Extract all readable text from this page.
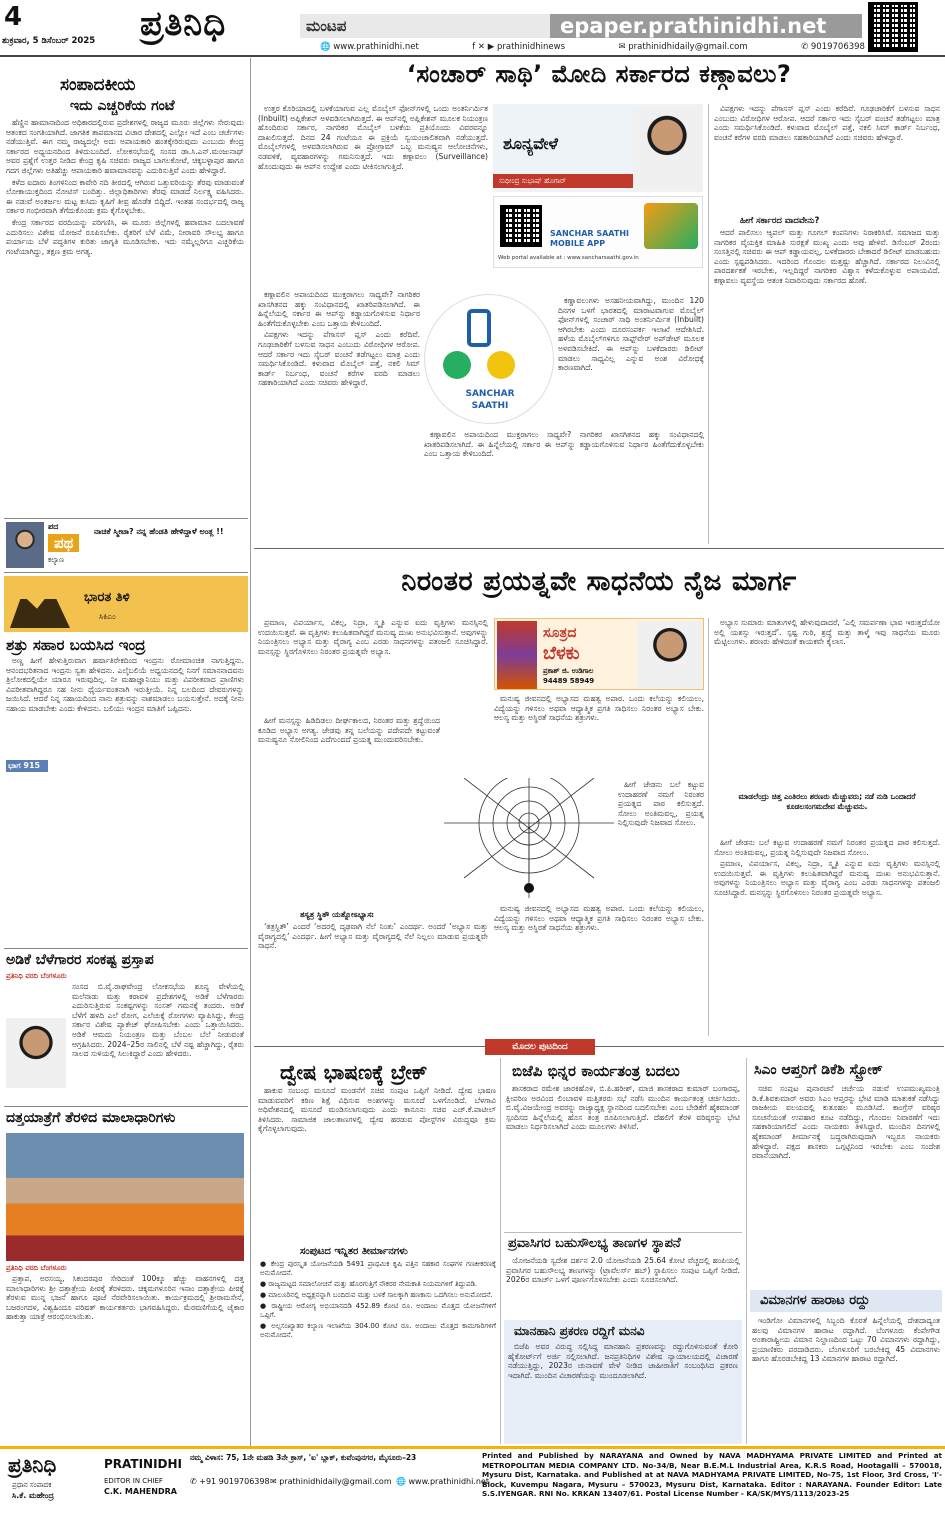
4	ಪ್ರತಿನಿಧಿ
ಶುಕ್ರವಾರ, 5 ಡಿಸೆಂಬರ್ 2025
ಮಂಟಪ	epaper.prathinidhi.net
🌐 www.prathinidhi.net	f ✕ ▶ prathinidhinews	✉ prathinidhidaily@gmail.com	✆ 9019706398
ಸಂಪಾದಕೀಯ
ಇದು ಎಚ್ಚರಿಕೆಯ ಗಂಟೆ

ಹೆಣ್ಣಿನ ಹಾಮಾನಾದಿಂದ ಅಧಿಕಾರದಲ್ಲಿರುವ ಪ್ರದೇಶಗಳಲ್ಲಿ ರಾಜ್ಯದ ಮೂರು ಜಿಲ್ಲೆಗಳು ಸೇರುವುದು ಆತಂಕದ ಸಂಗತಿಯಾಗಿದೆ. ಜಾಗತಿಕ ತಾಪಮಾನದ ವಿಚಾರ ದೇಶದಲ್ಲಿ ಎಲ್ಲೋ ಇದೆ ಎಂಬ ಚರ್ಚೆಗಳು ನಡೆಯುತ್ತಿವೆ. ಈಗ ನಮ್ಮ ರಾಜ್ಯದಲ್ಲೇ ಅದು ಅಪಾಯಕಾರಿ ಹಂತಕ್ಕೇರಿರುವುದು ಎಂಬುದು ಕೇಂದ್ರ ಸರ್ಕಾರದ ಅಧ್ಯಯನದಿಂದ ತಿಳಿದುಬಂದಿದೆ. ಲೋಕಸಭೆಯಲ್ಲಿ ಸಂಸದ ಡಾ.ಸಿ.ಎನ್.ಮಂಜುನಾಥ್ ಅವರ ಪ್ರಶ್ನೆಗೆ ಉತ್ತರ ನೀಡಿದ ಕೇಂದ್ರ ಕೃಷಿ ಸಚಿವರು ರಾಜ್ಯದ ಬಾಗಲಕೋಟೆ, ಚಿಕ್ಕಬಳ್ಳಾಪುರ ಹಾಗೂ ಗದಗ ಜಿಲ್ಲೆಗಳು ಅತಿಹೆಚ್ಚು ಆಪಾಯಕಾರಿ ಹವಾಮಾನವನ್ನು ಎದುರಿಸುತ್ತಿವೆ ಎಂದು ಹೇಳಿದ್ದಾರೆ.

ಕಳೆದ ಐದಾರು ತಿಂಗಳಿನಿಂದ ಕಾವೇರಿ ನದಿ ತೀರದಲ್ಲಿ ಆಗಿರುವ ಒತ್ತುವರಿಯನ್ನು ತೆರವು ಮಾಡುವಂತೆ ಲೋಕಾಯುಕ್ತದಿಂದ ನೋಟಿಸ್ ಬಂದಿತ್ತು. ಜಿಲ್ಲಾಧಿಕಾರಿಗಳು ತೆರವು ಮಾಡದೆ ನಿರ್ಲಕ್ಷ್ಯ ವಹಿಸಿದರು. ಈ ನಡುವೆ ಅಂತರ್ಜಲ ಮಟ್ಟ ಕುಸಿದು ಕೃಷಿಗೆ ತೀವ್ರ ಹೊಡೆತ ಬಿದ್ದಿದೆ. ಇಂತಹ ಸಂದರ್ಭದಲ್ಲಿ ರಾಜ್ಯ ಸರ್ಕಾರ ಗಂಭೀರವಾಗಿ ತೆಗೆದುಕೊಂಡು ಕ್ರಮ ಕೈಗೊಳ್ಳಬೇಕು.

ಕೇಂದ್ರ ಸರ್ಕಾರದ ವರದಿಯನ್ನು ಪರಿಗಣಿಸಿ, ಈ ಮೂರು ಜಿಲ್ಲೆಗಳಲ್ಲಿ ಹವಾಮಾನ ಬದಲಾವಣೆ ಎದುರಿಸಲು ವಿಶೇಷ ಯೋಜನೆ ರೂಪಿಸಬೇಕು. ರೈತರಿಗೆ ಬೆಳೆ ವಿಮೆ, ನೀರಾವರಿ ಸೌಲಭ್ಯ ಹಾಗೂ ಪರ್ಯಾಯ ಬೆಳೆ ಪದ್ಧತಿಗಳ ಕುರಿತು ಜಾಗೃತಿ ಮೂಡಿಸಬೇಕು. ಇದು ನಮ್ಮೆಲ್ಲರಿಗೂ ಎಚ್ಚರಿಕೆಯ ಗಂಟೆಯಾಗಿದ್ದು, ತಕ್ಷಣ ಕ್ರಮ ಅಗತ್ಯ.

ಪದ
ಪಥ
ಕಲ್ಯಾಣ
ನಾಚಿಕೆ ಸ್ಮೀಟಾ? ನನ್ನ ಹೆಂಡತಿ ಹೇಳಿದ್ದಾಳೆ ಅಂತ್ಲ !!
ಭಾರತ ತಿಳಿ
ಸಿಕಿಎಂ
ಶತ್ರು ಸಹಾರ ಬಯಸಿದ ಇಂದ್ರ
ಭಾಗ 915

ಅಣ್ಣ ಹೀಗೆ ಹೇಳುತ್ತಿರುವಾಗ ಹರ್ಷಾತಿರೇಕದಿಂದ ಇಂದ್ರನು ರೋಮಾಂಚಿತ ನಾಗುತ್ತಿದ್ದನು. ಆನಂದಭರಿತನಾದ ಇಂದ್ರನು ಸ್ವತಃ ಹೇಳಿದನು. ಎಲೈಬಲಿಯೆ ಅಧ್ಯಯನದಲ್ಲಿ ನಿನಗೆ ಸಮಾನನಾದವನು ತ್ರಿಲೋಕದಲ್ಲಿಯೇ ಯಾರೂ ಇರುವುದಿಲ್ಲ. ನೀ ಮಹಾಜ್ಞಾನಿಯು ಮತ್ತು ವಿಪರೀತವಾದ ಪ್ರಾಣಿಗಳು ವಿಪರೀತವಾಗಿದ್ದರೂ ಸಹ ನೀನು ಧೈರ್ಯವಂತನಾಗಿ ಇರುತ್ತೀಯೆ. ನಿನ್ನ ಬಲದಿಂದ ದೇವರುಗಳನ್ನು ಜಯಿಸಿದೆ. ಆದರೆ ನಿನ್ನ ಸಹಾಯದಿಂದ ನಾನು ಶತ್ರುವನ್ನು ನಾಶಮಾಡಲು ಬಯಸುತ್ತೇನೆ. ಅದಕ್ಕೆ ನೀನು ಸಹಾಯ ಮಾಡಬೇಕು ಎಂದು ಕೇಳಿದನು. ಬಲಿಯು ಇಂದ್ರನ ಮಾತಿಗೆ ಒಪ್ಪಿದನು.

ಅಡಿಕೆ ಬೆಳೆಗಾರರ ಸಂಕಷ್ಟ ಪ್ರಸ್ತಾಪ
ಪ್ರತಿನಿಧಿ ವರದಿ ಬೆಂಗಳೂರು

ಸಂಸದ ಬಿ.ವೈ.ರಾಘವೇಂದ್ರ ಲೋಕಸಭೆಯ ಶೂನ್ಯ ವೇಳೆಯಲ್ಲಿ ಮಲೆನಾಡು ಮತ್ತು ಕರಾವಳಿ ಪ್ರದೇಶಗಳಲ್ಲಿ ಅಡಿಕೆ ಬೆಳೆಗಾರರು ಎದುರಿಸುತ್ತಿರುವ ಸಂಕಷ್ಟಗಳನ್ನು ಸಂಸತ್ ಗಮನಕ್ಕೆ ತಂದರು. ಅಡಿಕೆ ಬೆಳೆಗೆ ಹಳದಿ ಎಲೆ ರೋಗ, ಎಲೆಚುಕ್ಕೆ ರೋಗಗಳು ವ್ಯಾಪಿಸಿದ್ದು, ಕೇಂದ್ರ ಸರ್ಕಾರ ವಿಶೇಷ ಪ್ಯಾಕೇಜ್ ಘೋಷಿಸಬೇಕು ಎಂದು ಒತ್ತಾಯಿಸಿದರು. ಅಡಿಕೆ ಆಮದು ನಿಯಂತ್ರಣ ಮತ್ತು ಬೆಂಬಲ ಬೆಲೆ ನೀಡುವಂತೆ ಆಗ್ರಹಿಸಿದರು. 2024–25ರ ಸಾಲಿನಲ್ಲಿ ಬೆಳೆ ನಷ್ಟ ಹೆಚ್ಚಾಗಿದ್ದು, ರೈತರು ಸಾಲದ ಸುಳಿಯಲ್ಲಿ ಸಿಲುಕಿದ್ದಾರೆ ಎಂದು ಹೇಳಿದರು.

ದತ್ತಯಾತ್ರೆಗೆ ತೆರಳಿದ ಮಾಲಾಧಾರಿಗಳು
ಪ್ರತಿನಿಧಿ ವರದಿ ಬೆಂಗಳೂರು

ಪ್ರತ್ತಾಪ, ಅರಸಯ್ಯ, ಸಿಕಂದರಪುರ ಸೇರಿದಂತೆ 100ಕ್ಕೂ ಹೆಚ್ಚು ವಾಹನಗಳಲ್ಲಿ ದತ್ತ ಮಾಲಾಧಾರಿಗಳು ಶ್ರೀ ದತ್ತಾತ್ರೇಯ ಪೀಠಕ್ಕೆ ತೆರಳಿದರು. ಚಿಕ್ಕಮಗಳೂರಿನ ಇನಾಂ ದತ್ತಾತ್ರೇಯ ಪೀಠಕ್ಕೆ ತೆರಳುವ ಮುನ್ನ ಭಜನೆ ಹಾಗೂ ಪೂಜೆ ನೆರವೇರಿಸಲಾಯಿತು. ಕಾರ್ಯಕ್ರಮದಲ್ಲಿ ಶ್ರೀರಾಮಸೇನೆ, ಬಜರಂಗದಳ, ವಿಶ್ವಹಿಂದೂ ಪರಿಷತ್ ಕಾರ್ಯಕರ್ತರು ಭಾಗವಹಿಸಿದ್ದರು. ಮೆರವಣಿಗೆಯಲ್ಲಿ ಜೈಕಾರ ಹಾಕುತ್ತಾ ಯಾತ್ರೆ ಆರಂಭಿಸಲಾಯಿತು.

‘ಸಂಚಾರ್ ಸಾಥಿ’ ಮೋದಿ ಸರ್ಕಾರದ ಕಣ್ಗಾವಲು?
ಶೂನ್ಯವೇಳೆ
ಸುಧೀಂದ್ರ ಸುಭಾಷ್ ಹೊಗಾರ್
SANCHAR SAATHI
MOBILE APP
Web portal available at : www.sancharsaathi.gov.in
SANCHAR
SAATHI

ಉತ್ತರ ಕೊರಿಯಾದಲ್ಲಿ ಬಳಕೆಯಾಗುವ ಎಲ್ಲ ಮೊಬೈಲ್ ಫೋನ್‌ಗಳಲ್ಲಿ ಒಂದು ಅಂತರ್ನಿರ್ಮಿತ (Inbuilt) ಅಪ್ಲಿಕೇಶನ್ ಅಳವಡಿಸಲಾಗಿರುತ್ತದೆ. ಈ ಆಪ್‌ನಲ್ಲಿ ಅಪ್ಲಿಕೇಶನ್ ಮೂಲಕ ನಿಯಂತ್ರಣ ಹೊಂದಿರುವ ಸರ್ಕಾರ, ನಾಗರಿಕರ ಮೊಬೈಲ್ ಬಳಕೆಯ ಪ್ರತಿಯೊಂದು ವಿವರವನ್ನೂ ದಾಖಲಿಸುತ್ತದೆ. ದಿನದ 24 ಗಂಟೆಯೂ ಈ ಪ್ರಕ್ರಿಯೆ ಸ್ವಯಂಚಾಲಿತವಾಗಿ ನಡೆಯುತ್ತದೆ. ಮೊಬೈಲ್‌ಗಳಲ್ಲಿ ಅಳವಡಿಸಲಾಗಿರುವ ಈ ಪ್ರೋಗ್ರಾಮ್ ಒಬ್ಬ ಮನುಷ್ಯನ ಆಲೋಚನೆಗಳು, ನಡವಳಿಕೆ, ವ್ಯವಹಾರಗಳನ್ನು ಗಮನಿಸುತ್ತದೆ. ಇದು ಕಣ್ಗಾವಲು (Surveillance) ಹೊಂದುವುದು ಈ ಆಪ್‌ನ ಉದ್ದೇಶ ಎಂದು ಟೀಕಿಸಲಾಗುತ್ತಿದೆ.

ಕಣ್ಗಾವಲಿನ ಅಪಾಯದಿಂದ ಮುಕ್ತರಾಗಲು ಸಾಧ್ಯವೇ? ನಾಗರಿಕರ ಖಾಸಗಿತನದ ಹಕ್ಕು ಸಂವಿಧಾನದಲ್ಲಿ ಖಾತರಿಪಡಿಸಲಾಗಿದೆ. ಈ ಹಿನ್ನೆಲೆಯಲ್ಲಿ ಸರ್ಕಾರ ಈ ಆಪ್‌ನ್ನು ಕಡ್ಡಾಯಗೊಳಿಸುವ ನಿರ್ಧಾರ ಹಿಂತೆಗೆದುಕೊಳ್ಳಬೇಕು ಎಂಬ ಒತ್ತಾಯ ಕೇಳಿಬಂದಿದೆ.

ವಿಪಕ್ಷಗಳು ಇದನ್ನು ಪೆಗಾಸಸ್ ಪ್ಲಸ್ ಎಂದು ಕರೆದಿವೆ. ಗೂಢಚಾರಿಕೆಗೆ ಬಳಸುವ ಸಾಧನ ಎಂಬುದು ವಿರೋಧಿಗಳ ಆರೋಪ. ಆದರೆ ಸರ್ಕಾರ ಇದು ಸೈಬರ್ ವಂಚನೆ ತಡೆಗಟ್ಟಲು ಮಾತ್ರ ಎಂದು ಸಮರ್ಥಿಸಿಕೊಂಡಿದೆ. ಕಳುವಾದ ಮೊಬೈಲ್ ಪತ್ತೆ, ನಕಲಿ ಸಿಮ್ ಕಾರ್ಡ್ ನಿರ್ಬಂಧ, ವಂಚನೆ ಕರೆಗಳ ವರದಿ ಮಾಡಲು ಸಹಕಾರಿಯಾಗಿದೆ ಎಂದು ಸಚಿವರು ಹೇಳಿದ್ದಾರೆ.

ಕಣ್ಣಾವಲುಗಳು ಅಸಹನೀಯವಾಗಿದ್ದು, ಮುಂದಿನ 120 ದಿನಗಳ ಒಳಗೆ ಭಾರತದಲ್ಲಿ ಮಾರಾಟವಾಗುವ ಮೊಬೈಲ್ ಫೋನ್‌ಗಳಲ್ಲಿ ಸಂಚಾರ್ ಸಾಥಿ ಅಂತರ್ನಿರ್ಮಿತ (Inbuilt) ಆಗಿರಬೇಕು ಎಂದು ದೂರಸಂಪರ್ಕ ಇಲಾಖೆ ಆದೇಶಿಸಿದೆ. ಹಳೆಯ ಮೊಬೈಲ್‌ಗಳಿಗೂ ಸಾಫ್ಟ್‌ವೇರ್ ಅಪ್‌ಡೇಟ್ ಮೂಲಕ ಅಳವಡಿಸಬೇಕಿದೆ. ಈ ಆಪ್‌ನ್ನು ಬಳಕೆದಾರರು ಡಿಲೀಟ್ ಮಾಡಲು ಸಾಧ್ಯವಿಲ್ಲ ಎನ್ನುವ ಅಂಶ ವಿರೋಧಕ್ಕೆ ಕಾರಣವಾಗಿದೆ.

ಕಣ್ಗಾವಲಿನ ಅಪಾಯದಿಂದ ಮುಕ್ತರಾಗಲು ಸಾಧ್ಯವೇ? ನಾಗರಿಕರ ಖಾಸಗಿತನದ ಹಕ್ಕು ಸಂವಿಧಾನದಲ್ಲಿ ಖಾತರಿಪಡಿಸಲಾಗಿದೆ. ಈ ಹಿನ್ನೆಲೆಯಲ್ಲಿ ಸರ್ಕಾರ ಈ ಆಪ್‌ನ್ನು ಕಡ್ಡಾಯಗೊಳಿಸುವ ನಿರ್ಧಾರ ಹಿಂತೆಗೆದುಕೊಳ್ಳಬೇಕು ಎಂಬ ಒತ್ತಾಯ ಕೇಳಿಬಂದಿದೆ.

ವಿಪಕ್ಷಗಳು ಇದನ್ನು ಪೆಗಾಸಸ್ ಪ್ಲಸ್ ಎಂದು ಕರೆದಿವೆ. ಗೂಢಚಾರಿಕೆಗೆ ಬಳಸುವ ಸಾಧನ ಎಂಬುದು ವಿರೋಧಿಗಳ ಆರೋಪ. ಆದರೆ ಸರ್ಕಾರ ಇದು ಸೈಬರ್ ವಂಚನೆ ತಡೆಗಟ್ಟಲು ಮಾತ್ರ ಎಂದು ಸಮರ್ಥಿಸಿಕೊಂಡಿದೆ. ಕಳುವಾದ ಮೊಬೈಲ್ ಪತ್ತೆ, ನಕಲಿ ಸಿಮ್ ಕಾರ್ಡ್ ನಿರ್ಬಂಧ, ವಂಚನೆ ಕರೆಗಳ ವರದಿ ಮಾಡಲು ಸಹಕಾರಿಯಾಗಿದೆ ಎಂದು ಸಚಿವರು ಹೇಳಿದ್ದಾರೆ.

ಹೀಗೆ ಸರ್ಕಾರದ ವಾದವೇನು?

ಆದರೆ ಪಾಲಿಸಲು ಆ್ಯಪಲ್ ಮತ್ತು ಗೂಗಲ್ ಕಂಪನಿಗಳು ನಿರಾಕರಿಸಿವೆ. ಸಮಾಜದ ಮತ್ತು ನಾಗರಿಕರ ವೈಯಕ್ತಿಕ ಮಾಹಿತಿ ಸುರಕ್ಷತೆ ಮುಖ್ಯ ಎಂದು ಅವು ಹೇಳಿವೆ. ಡಿಸೆಂಬರ್ 2ರಂದು ಸಂಸತ್ತಿನಲ್ಲಿ ಸಚಿವರು ಈ ಆಪ್ ಕಡ್ಡಾಯವಲ್ಲ, ಬಳಕೆದಾರರು ಬೇಕಾದರೆ ಡಿಲೀಟ್ ಮಾಡಬಹುದು ಎಂದು ಸ್ಪಷ್ಟಪಡಿಸಿದರು. ಇದರಿಂದ ಗೊಂದಲ ಮತ್ತಷ್ಟು ಹೆಚ್ಚಾಗಿದೆ. ಸರ್ಕಾರದ ನಿಲುವಿನಲ್ಲಿ ಪಾರದರ್ಶಕತೆ ಇರಬೇಕು, ಇಲ್ಲದಿದ್ದರೆ ನಾಗರಿಕರ ವಿಶ್ವಾಸ ಕಳೆದುಕೊಳ್ಳುವ ಅಪಾಯವಿದೆ. ಕಣ್ಗಾವಲು ವ್ಯವಸ್ಥೆಯ ಆತಂಕ ನಿವಾರಿಸುವುದು ಸರ್ಕಾರದ ಹೊಣೆ.

ನಿರಂತರ ಪ್ರಯತ್ನವೇ ಸಾಧನೆಯ ನೈಜ ಮಾರ್ಗ
ಸೂತ್ರದ
ಬೆಳಕು
ಪ್ರಕಾಶ್ ಜಿ. ಉಡಿಗಾಲ
94489 58949

ಪ್ರಮಾಣ, ವಿಪರ್ಯಾಸ, ವಿಕಲ್ಪ, ನಿದ್ರಾ, ಸ್ಮೃತಿ ಎನ್ನುವ ಐದು ವೃತ್ತಿಗಳು ಮನಸ್ಸಿನಲ್ಲಿ ಉದಯಿಸುತ್ತವೆ. ಈ ವೃತ್ತಿಗಳು ಕಲುಷಿತವಾಗಿದ್ದರೆ ಮನುಷ್ಯ ದುಃಖ ಅನುಭವಿಸುತ್ತಾನೆ. ಅವುಗಳನ್ನು ನಿಯಂತ್ರಿಸಲು ಅಭ್ಯಾಸ ಮತ್ತು ವೈರಾಗ್ಯ ಎಂಬ ಎರಡು ಸಾಧನಗಳನ್ನು ಪತಂಜಲಿ ಸೂಚಿಸಿದ್ದಾರೆ. ಮನಸ್ಸನ್ನು ಸ್ಥಿರಗೊಳಿಸಲು ನಿರಂತರ ಪ್ರಯತ್ನವೇ ಅಭ್ಯಾಸ.

ಹೀಗೆ ಮನಸ್ಸನ್ನು ಹಿಡಿದಿಡಲು ದೀರ್ಘಕಾಲದ, ನಿರಂತರ ಮತ್ತು ಶ್ರದ್ಧೆಯಿಂದ ಕೂಡಿದ ಅಭ್ಯಾಸ ಅಗತ್ಯ. ಜೇಡವು ತನ್ನ ಬಲೆಯನ್ನು ಪದೇಪದೇ ಕಟ್ಟುವಂತೆ ಮನುಷ್ಯನೂ ಸೋಲಿನಿಂದ ಎದೆಗುಂದದೆ ಪ್ರಯತ್ನ ಮುಂದುವರಿಸಬೇಕು.

ತಸ್ಯತ್ರ ಸ್ಥಿತೌ ಯತ್ನೋಽಭ್ಯಾಸಃ

‘ತತ್ರಸ್ಥಿತೌ’ ಎಂದರೆ ‘ಅದರಲ್ಲಿ ದೃಢವಾಗಿ ನೆಲೆ ನಿಂತು’ ಎಂದರ್ಥ. ಅಂದರೆ ‘ಅಭ್ಯಾಸ ಮತ್ತು ವೈರಾಗ್ಯದಲ್ಲಿ’ ಎಂದರ್ಥ. ಹೀಗೆ ಅಭ್ಯಾಸ ಮತ್ತು ವೈರಾಗ್ಯದಲ್ಲಿ ನೆಲೆ ನಿಲ್ಲಲು ಮಾಡುವ ಪ್ರಯತ್ನವೇ ಸಾಧನೆ.

ಮನುಷ್ಯ ಜೀವನದಲ್ಲಿ ಅಭ್ಯಾಸದ ಮಹತ್ವ ಅಪಾರ. ಒಂದು ಕಲೆಯನ್ನು ಕಲಿಯಲು, ವಿದ್ಯೆಯನ್ನು ಗಳಿಸಲು ಅಥವಾ ಆಧ್ಯಾತ್ಮಿಕ ಪ್ರಗತಿ ಸಾಧಿಸಲು ನಿರಂತರ ಅಭ್ಯಾಸ ಬೇಕು. ಆಲಸ್ಯ ಮತ್ತು ಅಸ್ಥಿರತೆ ಸಾಧನೆಯ ಶತ್ರುಗಳು.

ಹೀಗೆ ಜೇಡನು ಬಲೆ ಕಟ್ಟುವ ಉದಾಹರಣೆ ನಮಗೆ ನಿರಂತರ ಪ್ರಯತ್ನದ ಪಾಠ ಕಲಿಸುತ್ತದೆ. ಸೋಲು ಅಂತಿಮವಲ್ಲ, ಪ್ರಯತ್ನ ನಿಲ್ಲಿಸುವುದೇ ನಿಜವಾದ ಸೋಲು.

ಮನುಷ್ಯ ಜೀವನದಲ್ಲಿ ಅಭ್ಯಾಸದ ಮಹತ್ವ ಅಪಾರ. ಒಂದು ಕಲೆಯನ್ನು ಕಲಿಯಲು, ವಿದ್ಯೆಯನ್ನು ಗಳಿಸಲು ಅಥವಾ ಆಧ್ಯಾತ್ಮಿಕ ಪ್ರಗತಿ ಸಾಧಿಸಲು ನಿರಂತರ ಅಭ್ಯಾಸ ಬೇಕು. ಆಲಸ್ಯ ಮತ್ತು ಅಸ್ಥಿರತೆ ಸಾಧನೆಯ ಶತ್ರುಗಳು.

ಅಭ್ಯಾಸ ಸುಮಾರು ಮಾತುಗಳಲ್ಲಿ ಹೇಳುವುದಾದರೆ, ‘ಎಲ್ಲಿ ಸಮರ್ಪಣಾ ಭಾವ ಇರುತ್ತದೆಯೋ ಅಲ್ಲಿ ಯಶಸ್ಸು ಇರುತ್ತದೆ’. ಸ್ಪಷ್ಟ ಗುರಿ, ಶ್ರದ್ಧೆ ಮತ್ತು ತಾಳ್ಮೆ ಇವು ಸಾಧನೆಯ ಮೂರು ಮೆಟ್ಟಿಲುಗಳು. ಶರಣರು ಹೇಳಿದಂತೆ ಕಾಯಕವೇ ಕೈಲಾಸ.

ಮಾಡಲೆಂದ್ರು ಚಿತ್ತ ಎಂತಿರಲು ಶರಣರು ಮೆಚ್ಚುವರು; ನಡೆ ನುಡಿ ಒಂದಾದರೆ ಕೂಡಲಸಂಗಮದೇವ ಮೆಚ್ಚುವನು.

ಹೀಗೆ ಜೇಡನು ಬಲೆ ಕಟ್ಟುವ ಉದಾಹರಣೆ ನಮಗೆ ನಿರಂತರ ಪ್ರಯತ್ನದ ಪಾಠ ಕಲಿಸುತ್ತದೆ. ಸೋಲು ಅಂತಿಮವಲ್ಲ, ಪ್ರಯತ್ನ ನಿಲ್ಲಿಸುವುದೇ ನಿಜವಾದ ಸೋಲು.

ಪ್ರಮಾಣ, ವಿಪರ್ಯಾಸ, ವಿಕಲ್ಪ, ನಿದ್ರಾ, ಸ್ಮೃತಿ ಎನ್ನುವ ಐದು ವೃತ್ತಿಗಳು ಮನಸ್ಸಿನಲ್ಲಿ ಉದಯಿಸುತ್ತವೆ. ಈ ವೃತ್ತಿಗಳು ಕಲುಷಿತವಾಗಿದ್ದರೆ ಮನುಷ್ಯ ದುಃಖ ಅನುಭವಿಸುತ್ತಾನೆ. ಅವುಗಳನ್ನು ನಿಯಂತ್ರಿಸಲು ಅಭ್ಯಾಸ ಮತ್ತು ವೈರಾಗ್ಯ ಎಂಬ ಎರಡು ಸಾಧನಗಳನ್ನು ಪತಂಜಲಿ ಸೂಚಿಸಿದ್ದಾರೆ. ಮನಸ್ಸನ್ನು ಸ್ಥಿರಗೊಳಿಸಲು ನಿರಂತರ ಪ್ರಯತ್ನವೇ ಅಭ್ಯಾಸ.

ಮೊದಲ ಪುಟದಿಂದ
ದ್ವೇಷ ಭಾಷಣಕ್ಕೆ ಬ್ರೇಕ್

ಹಾಕುವ ಸಂಬಂಧ ಮಸೂದೆ ಮಂಡನೆಗೆ ಸಚಿವ ಸಂಪುಟ ಒಪ್ಪಿಗೆ ನೀಡಿದೆ. ದ್ವೇಷ ಭಾಷಣ ಮಾಡುವವರಿಗೆ ಕಠಿಣ ಶಿಕ್ಷೆ ವಿಧಿಸುವ ಅಂಶಗಳನ್ನು ಮಸೂದೆ ಒಳಗೊಂಡಿದೆ. ಬೆಳಗಾವಿ ಅಧಿವೇಶನದಲ್ಲಿ ಮಸೂದೆ ಮಂಡಿಸಲಾಗುವುದು ಎಂದು ಕಾನೂನು ಸಚಿವ ಎಚ್.ಕೆ.ಪಾಟೀಲ್ ತಿಳಿಸಿದರು. ಸಾಮಾಜಿಕ ಜಾಲತಾಣಗಳಲ್ಲಿ ದ್ವೇಷ ಹರಡುವ ಪೋಸ್ಟ್‌ಗಳ ವಿರುದ್ಧವೂ ಕ್ರಮ ಕೈಗೊಳ್ಳಲಾಗುವುದು.

ಸಂಪುಟದ ಇನ್ನಿತರ ತೀರ್ಮಾನಗಳು

● ಕೇಂದ್ರ ಪುರಸ್ಕೃತ ಯೋಜನೆಯಡಿ 5491 ಪ್ರಾಥಮಿಕ ಕೃಷಿ ಪತ್ತಿನ ಸಹಕಾರ ಸಂಘಗಳ ಗಣಕೀಕರಣಕ್ಕೆ ಅನುಮೋದನೆ.

● ರಾಜ್ಯಮಟ್ಟದ ಸಮಾಲೋಚನೆ ಮತ್ತು ಹೊರಗುತ್ತಿಗೆ ನೌಕರರ ನೇಮಕಾತಿ ನಿಯಮಗಳಿಗೆ ತಿದ್ದುಪಡಿ.

● ಮಾಲೂರಿನಲ್ಲಿ ಅಧ್ಯಕ್ಷನನ್ನಾಗಿ ಬಂದಿರುವ ಮತ್ತು ಬಳಕೆ ಸಾಲಕ್ಕಾಗಿ ಹಣಕಾಸು ಒದಗಿಸಲು ಅನುಮೋದನೆ.

● ರಾಷ್ಟ್ರೀಯ ಆರೋಗ್ಯ ಅಭಿಯಾನದಡಿ 452.89 ಕೋಟಿ ರೂ. ಅಂದಾಜು ಮೊತ್ತದ ಯೋಜನೆಗಳಿಗೆ ಒಪ್ಪಿಗೆ.

● ಅಲ್ಪಸಂಖ್ಯಾತರ ಕಲ್ಯಾಣ ಇಲಾಖೆಯ 304.00 ಕೋಟಿ ರೂ. ಅಂದಾಜು ಮೊತ್ತದ ಕಾಮಗಾರಿಗಳಿಗೆ ಅನುಮೋದನೆ.

ಬಿಜೆಪಿ ಭಿನ್ನರ ಕಾರ್ಯತಂತ್ರ ಬದಲು

ಶಾಸಕರಾದ ರಮೇಶ ಜಾರಕಿಹೊಳಿ, ಬಿ.ಪಿ.ಹರೀಶ್, ಮಾಜಿ ಶಾಸಕರಾದ ಕುಮಾರ್ ಬಂಗಾರಪ್ಪ, ಕ್ಷೀಪರಿಣ ಅರವಿಂದ ಲಿಂಬಾವಳಿ ಮತ್ತಿತರರು ಸಭೆ ನಡೆಸಿ ಮುಂದಿನ ಕಾರ್ಯತಂತ್ರ ಚರ್ಚಿಸಿದರು. ಬಿ.ವೈ.ವಿಜಯೇಂದ್ರ ಅವರನ್ನು ರಾಜ್ಯಾಧ್ಯಕ್ಷ ಸ್ಥಾನದಿಂದ ಬದಲಿಸಬೇಕು ಎಂಬ ಬೇಡಿಕೆಗೆ ಹೈಕಮಾಂಡ್ ಸ್ಪಂದಿಸದ ಹಿನ್ನೆಲೆಯಲ್ಲಿ ಹೊಸ ತಂತ್ರ ರೂಪಿಸಲಾಗುತ್ತಿದೆ. ದೆಹಲಿಗೆ ತೆರಳಿ ವರಿಷ್ಠರನ್ನು ಭೇಟಿ ಮಾಡಲು ನಿರ್ಧರಿಸಲಾಗಿದೆ ಎಂದು ಮೂಲಗಳು ತಿಳಿಸಿವೆ.

ಪ್ರವಾಸಿಗರ ಬಹುಸೌಲಭ್ಯ ತಾಣಗಳ ಸ್ಥಾಪನೆ

ಯೋಜನೆಯಡಿ ಸ್ವದೇಶ ದರ್ಶನ 2.0 ಯೋಜನೆಯಡಿ 25.64 ಕೋಟಿ ವೆಚ್ಚದಲ್ಲಿ ಹಂಪಿಯಲ್ಲಿ ಪ್ರವಾಸಿಗರ ಬಹುಸೌಲಭ್ಯ ತಾಣಗಳನ್ನು (ಟ್ರಾವೆಲರ್ಸ್ ಹಬ್) ಸ್ಥಾಪಿಸಲು ಸಂಪುಟ ಒಪ್ಪಿಗೆ ನೀಡಿದೆ. 2026ರ ಮಾರ್ಚ್ ಒಳಗೆ ಪೂರ್ಣಗೊಳಿಸಬೇಕು ಎಂದು ಸೂಚಿಸಲಾಗಿದೆ.

ಮಾನಹಾನಿ ಪ್ರಕರಣ ರದ್ದಿಗೆ ಮನವಿ

ಬಿಜೆಪಿ ಅವರ ವಿರುದ್ಧ ಸಲ್ಲಿಸಿದ್ದ ಮಾನಹಾನಿ ಪ್ರಕರಣವನ್ನು ರದ್ದುಗೊಳಿಸುವಂತೆ ಕೋರಿ ಹೈಕೋರ್ಟ್‌ಗೆ ಅರ್ಜಿ ಸಲ್ಲಿಸಲಾಗಿದೆ. ಜನಪ್ರತಿನಿಧಿಗಳ ವಿಶೇಷ ನ್ಯಾಯಾಲಯದಲ್ಲಿ ವಿಚಾರಣೆ ನಡೆಯುತ್ತಿದ್ದು, 2023ರ ಚುನಾವಣೆ ವೇಳೆ ನೀಡಿದ ಜಾಹೀರಾತಿಗೆ ಸಂಬಂಧಿಸಿದ ಪ್ರಕರಣ ಇದಾಗಿದೆ. ಮುಂದಿನ ವಿಚಾರಣೆಯನ್ನು ಮುಂದೂಡಲಾಗಿದೆ.

ಸಿಎಂ ಆಪ್ತರಿಗೆ ಡಿಕೆಶಿ ಸ್ಟ್ರೋಕ್

ಸಚಿವ ಸಂಪುಟ ಪುನಾರಚನೆ ಚರ್ಚೆಯ ನಡುವೆ ಉಪಮುಖ್ಯಮಂತ್ರಿ ಡಿ.ಕೆ.ಶಿವಕುಮಾರ್ ಅವರು ಸಿಎಂ ಆಪ್ತರನ್ನು ಭೇಟಿ ಮಾಡಿ ಮಾತುಕತೆ ನಡೆಸಿದ್ದು ರಾಜಕೀಯ ವಲಯದಲ್ಲಿ ಕುತೂಹಲ ಮೂಡಿಸಿದೆ. ಕಾಂಗ್ರೆಸ್ ವರಿಷ್ಠರ ಸೂಚನೆಯಂತೆ ಉಪಹಾರ ಕೂಟ ನಡೆದಿದ್ದು, ಗೊಂದಲ ನಿವಾರಣೆಗೆ ಇದು ಸಹಕಾರಿಯಾಗಲಿದೆ ಎಂದು ನಾಯಕರು ತಿಳಿಸಿದ್ದಾರೆ. ಮುಂದಿನ ದಿನಗಳಲ್ಲಿ ಹೈಕಮಾಂಡ್ ತೀರ್ಮಾನಕ್ಕೆ ಬದ್ಧರಾಗಿರುವುದಾಗಿ ಇಬ್ಬರೂ ನಾಯಕರು ಹೇಳಿದ್ದಾರೆ. ಪಕ್ಷದ ಶಾಸಕರು ಒಗ್ಗಟ್ಟಿನಿಂದ ಇರಬೇಕು ಎಂಬ ಸಂದೇಶ ರವಾನೆಯಾಗಿದೆ.

ವಿಮಾನಗಳ ಹಾರಾಟ ರದ್ದು

ಇಂಡಿಗೋ ವಿಮಾನಗಳಲ್ಲಿ ಸಿಬ್ಬಂದಿ ಕೊರತೆ ಹಿನ್ನೆಲೆಯಲ್ಲಿ ದೇಶದಾದ್ಯಂತ ಹಲವು ವಿಮಾನಗಳ ಹಾರಾಟ ರದ್ದಾಗಿದೆ. ಬೆಂಗಳೂರು ಕೆಂಪೇಗೌಡ ಅಂತಾರಾಷ್ಟ್ರೀಯ ವಿಮಾನ ನಿಲ್ದಾಣದಿಂದ ಒಟ್ಟು 70 ವಿಮಾನಗಳು ರದ್ದಾಗಿದ್ದು, ಪ್ರಯಾಣಿಕರು ಪರದಾಡಿದರು. ಬೆಂಗಳೂರಿಗೆ ಬರಬೇಕಿದ್ದ 45 ವಿಮಾನಗಳು ಹಾಗೂ ಹೊರಡಬೇಕಿದ್ದ 13 ವಿಮಾನಗಳ ಹಾರಾಟ ರದ್ದಾಗಿದೆ.

ಪ್ರತಿನಿಧಿ	PRATINIDHI
ಪ್ರಧಾನ ಸಂಪಾದಕ
ಸಿ.ಕೆ. ಮಹೇಂದ್ರ
EDITOR IN CHIEF
C.K. MAHENDRA
ನಮ್ಮ ವಿಳಾಸ: 75, 1ನೇ ಮಹಡಿ 3ನೇ ಕ್ರಾಸ್, 'ಐ' ಬ್ಲಾಕ್, ಕುವೆಂಪುನಗರ, ಮೈಸೂರು–23
✆ +91 9019706398 ✉ prathinidhidaily@gmail.com 🌐 www.prathinidhi.net
Printed and Published by NARAYANA and Owned by NAVA MADHYAMA PRIVATE LIMITED and Printed at METROPOLITAN MEDIA COMPANY LTD. No-34/B, Near B.E.M.L Industrial Area, K.R.S Road, Hootagalli – 570018, Mysuru Dist, Karnataka. and Published at at NAVA MADHYAMA PRIVATE LIMITED, No-75, 1st Floor, 3rd Cross, 'I'- Block, Kuvempu Nagara, Mysuru – 570023, Mysuru Dist, Karnataka. Editor : NARAYANA. Founder Editor: Late S.S.IYENGAR. RNI No. KRKAN 13407/61. Postal License Number - KA/SK/MYS/1113/2023-25
